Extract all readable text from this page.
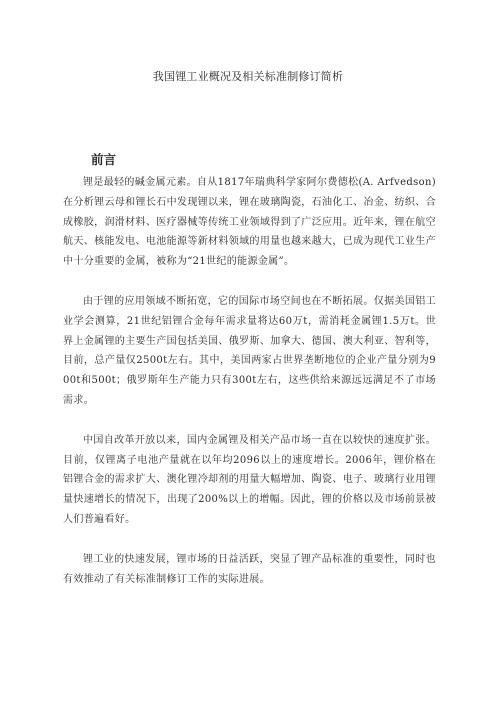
我国锂工业概况及相关标准制修订简析
前言

锂是最轻的碱金属元素。自从1817年瑞典科学家阿尔费德松(A. Arfvedson)在分析锂云母和锂长石中发现锂以来，锂在玻璃陶瓷，石油化工、冶金、纺织、合成橡胶，润滑材料、医疗器械等传统工业领域得到了广泛应用。近年来，锂在航空航天、核能发电、电池能源等新材料领域的用量也越来越大，已成为现代工业生产中十分重要的金属，被称为“21世纪的能源金属”。

由于锂的应用领域不断拓宽，它的国际市场空间也在不断拓展。仅据美国铝工业学会测算，21世纪铝锂合金每年需求量将达60万t，需消耗金属锂1.5万t。世界上金属锂的主要生产国包括美国、俄罗斯、加拿大、德国、澳大利亚、智利等，目前，总产量仅2500t左右。其中，美国两家占世界垄断地位的企业产量分别为900t和500t；俄罗斯年生产能力只有300t左右，这些供给来源远远满足不了市场需求。

中国自改革开放以来，国内金属锂及相关产品市场一直在以较快的速度扩张。目前，仅锂离子电池产量就在以年均2096以上的速度增长。2006年，锂价格在铝锂合金的需求扩大、澳化锂冷却剂的用量大幅增加、陶瓷、电子、玻璃行业用锂量快速增长的情况下，出现了200%以上的增幅。因此，锂的价格以及市场前景被人们普遍看好。

锂工业的快速发展，锂市场的日益活跃，突显了锂产品标准的重要性，同时也有效推动了有关标准制修订工作的实际进展。
